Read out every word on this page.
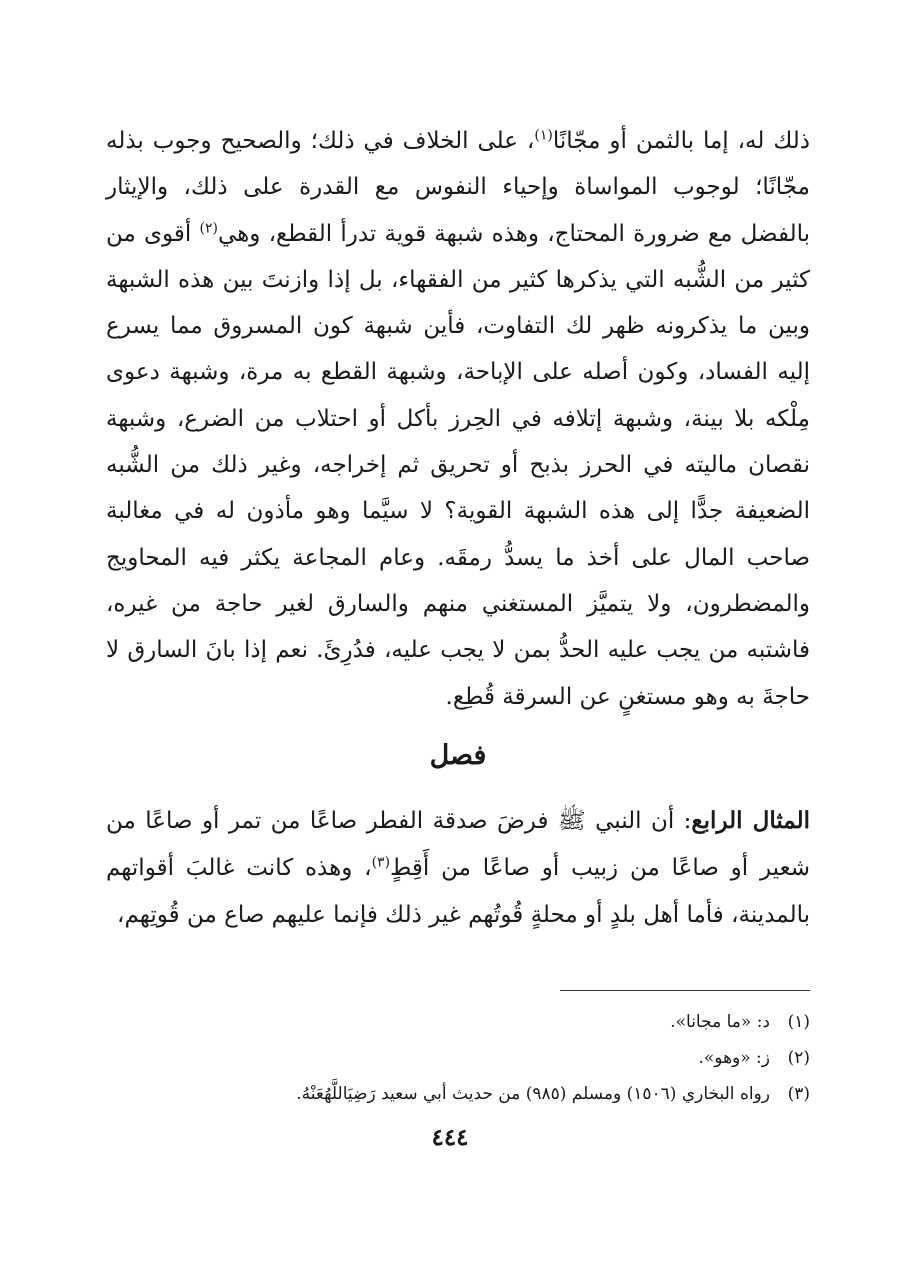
ذلك له، إما بالثمن أو مجّانًا$^{(١)}$، على الخلاف في ذلك؛ والصحيح وجوب بذله مجّانًا؛ لوجوب المواساة وإحياء النفوس مع القدرة على ذلك، والإيثار بالفضل مع ضرورة المحتاج، وهذه شبهة قوية تدرأ القطع، وهي$^{(٢)}$ أقوى من كثير من الشُّبه التي يذكرها كثير من الفقهاء، بل إذا وازنتَ بين هذه الشبهة وبين ما يذكرونه ظهر لك التفاوت، فأين شبهة كون المسروق مما يسرع إليه الفساد، وكون أصله على الإباحة، وشبهة القطع به مرة، وشبهة دعوى مِلْكه بلا بينة، وشبهة إتلافه في الحِرز بأكل أو احتلاب من الضرع، وشبهة نقصان ماليته في الحرز بذبح أو تحريق ثم إخراجه، وغير ذلك من الشُّبه الضعيفة جدًّا إلى هذه الشبهة القوية؟ لا سيَّما وهو مأذون له في مغالبة صاحب المال على أخذ ما يسدُّ رمقَه. وعام المجاعة يكثر فيه المحاويج والمضطرون، ولا يتميَّز المستغني منهم والسارق لغير حاجة من غيره، فاشتبه من يجب عليه الحدُّ بمن لا يجب عليه، فدُرِئَ. نعم إذا بانَ السارق لا حاجةَ به وهو مستغنٍ عن السرقة قُطِع.

فصل

المثال الرابع: أن النبي ﷺ فرضَ صدقة الفطر صاعًا من تمر أو صاعًا من شعير أو صاعًا من زبيب أو صاعًا من أَقِطٍ$^{(٣)}$، وهذه كانت غالبَ أقواتهم بالمدينة، فأما أهل بلدٍ أو محلةٍ قُوتُهم غير ذلك فإنما عليهم صاع من قُوتِهم،

(١)د: «ما مجانا».
(٢)ز: «وهو».
(٣)رواه البخاري (١٥٠٦) ومسلم (٩٨٥) من حديث أبي سعيد رَضِيَاللَّهُعَنْهُ.
٤٤٤
